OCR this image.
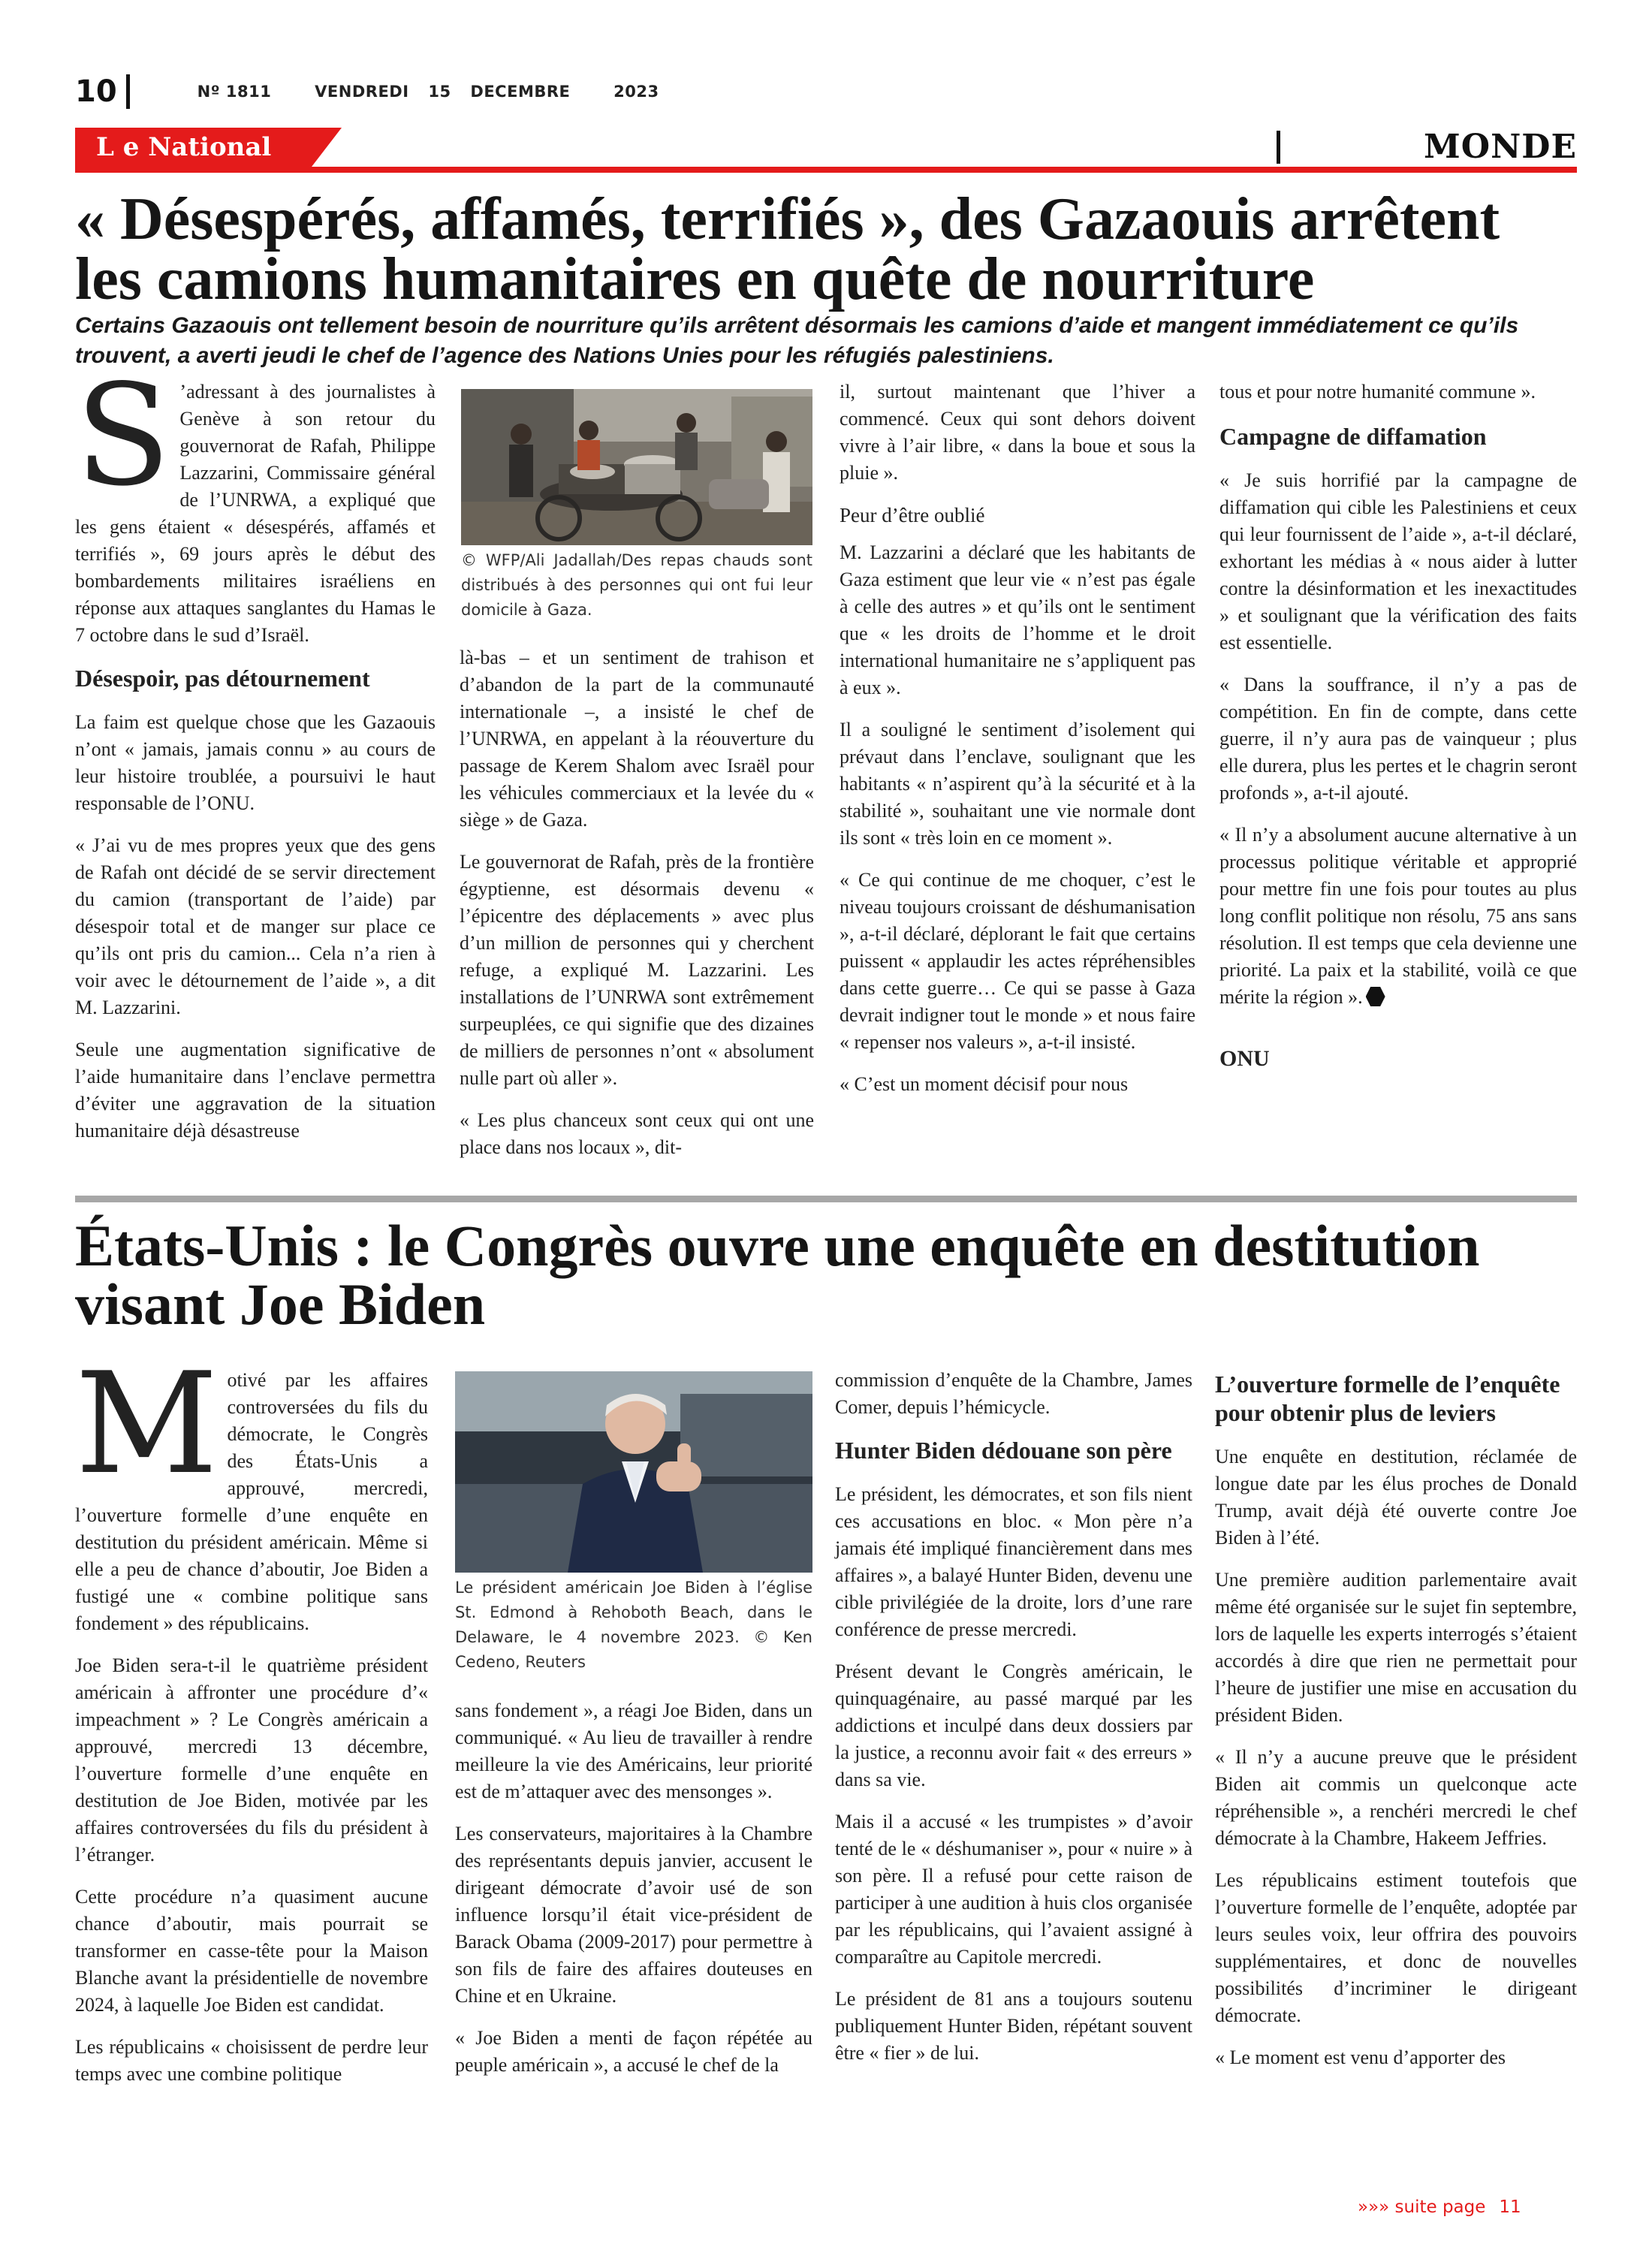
10	Nº 1811	VENDREDI 15 DECEMBRE	2023
L e National	MONDE
« Désespérés, affamés, terrifiés », des Gazaouis arrêtent les camions humanitaires en quête de nourriture

Certains Gazaouis ont tellement besoin de nourriture qu’ils arrêtent désormais les camions d’aide et mangent immédiatement ce qu’ils trouvent, a averti jeudi le chef de l’agence des Nations Unies pour les réfugiés palestiniens.

S ’adressant à des journalistes à Genève à son retour du gouvernorat de Rafah, Philippe Lazzarini, Commissaire général de l’UNRWA, a expliqué que les gens étaient « désespérés, affamés et terrifiés », 69 jours après le début des bombardements militaires israéliens en réponse aux attaques sanglantes du Hamas le 7 octobre dans le sud d’Israël.

Désespoir, pas détournement

La faim est quelque chose que les Gazaouis n’ont « jamais, jamais connu » au cours de leur histoire troublée, a poursuivi le haut responsable de l’ONU.

« J’ai vu de mes propres yeux que des gens de Rafah ont décidé de se servir directement du camion (transportant de l’aide) par désespoir total et de manger sur place ce qu’ils ont pris du camion... Cela n’a rien à voir avec le détournement de l’aide », a dit M. Lazzarini.

Seule une augmentation significative de l’aide humanitaire dans l’enclave permettra d’éviter une aggravation de la situation humanitaire déjà désastreuse

© WFP/Ali Jadallah/Des repas chauds sont distribués à des personnes qui ont fui leur domicile à Gaza.

là-bas – et un sentiment de trahison et d’abandon de la part de la communauté internationale –, a insisté le chef de l’UNRWA, en appelant à la réouverture du passage de Kerem Shalom avec Israël pour les véhicules commerciaux et la levée du « siège » de Gaza.

Le gouvernorat de Rafah, près de la frontière égyptienne, est désormais devenu « l’épicentre des déplacements » avec plus d’un million de personnes qui y cherchent refuge, a expliqué M. Lazzarini. Les installations de l’UNRWA sont extrêmement surpeuplées, ce qui signifie que des dizaines de milliers de personnes n’ont « absolument nulle part où aller ».

« Les plus chanceux sont ceux qui ont une place dans nos locaux », dit-

il, surtout maintenant que l’hiver a commencé. Ceux qui sont dehors doivent vivre à l’air libre, « dans la boue et sous la pluie ».

Peur d’être oublié

M. Lazzarini a déclaré que les habitants de Gaza estiment que leur vie « n’est pas égale à celle des autres » et qu’ils ont le sentiment que « les droits de l’homme et le droit international humanitaire ne s’appliquent pas à eux ».

Il a souligné le sentiment d’isolement qui prévaut dans l’enclave, soulignant que les habitants « n’aspirent qu’à la sécurité et à la stabilité », souhaitant une vie normale dont ils sont « très loin en ce moment ».

« Ce qui continue de me choquer, c’est le niveau toujours croissant de déshumanisation », a-t-il déclaré, déplorant le fait que certains puissent « applaudir les actes répréhensibles dans cette guerre… Ce qui se passe à Gaza devrait indigner tout le monde » et nous faire « repenser nos valeurs », a-t-il insisté.

« C’est un moment décisif pour nous

tous et pour notre humanité commune ».

Campagne de diffamation

« Je suis horrifié par la campagne de diffamation qui cible les Palestiniens et ceux qui leur fournissent de l’aide », a-t-il déclaré, exhortant les médias à « nous aider à lutter contre la désinformation et les inexactitudes » et soulignant que la vérification des faits est essentielle.

« Dans la souffrance, il n’y a pas de compétition. En fin de compte, dans cette guerre, il n’y aura pas de vainqueur ; plus elle durera, plus les pertes et le chagrin seront profonds », a-t-il ajouté.

« Il n’y a absolument aucune alternative à un processus politique véritable et approprié pour mettre fin une fois pour toutes au plus long conflit politique non résolu, 75 ans sans résolution. Il est temps que cela devienne une priorité. La paix et la stabilité, voilà ce que mérite la région ».

ONU

États-Unis : le Congrès ouvre une enquête en destitution visant Joe Biden

Motivé par les affaires controversées du fils du démocrate, le Congrès des États-Unis a approuvé, mercredi, l’ouverture formelle d’une enquête en destitution du président américain. Même si elle a peu de chance d’aboutir, Joe Biden a fustigé une « combine politique sans fondement » des républicains.

Joe Biden sera-t-il le quatrième président américain à affronter une procédure d’« impeachment » ? Le Congrès américain a approuvé, mercredi 13 décembre, l’ouverture formelle d’une enquête en destitution de Joe Biden, motivée par les affaires controversées du fils du président à l’étranger.

Cette procédure n’a quasiment aucune chance d’aboutir, mais pourrait se transformer en casse-tête pour la Maison Blanche avant la présidentielle de novembre 2024, à laquelle Joe Biden est candidat.

Les républicains « choisissent de perdre leur temps avec une combine politique

Le président américain Joe Biden à l’église St. Edmond à Rehoboth Beach, dans le Delaware, le 4 novembre 2023. © Ken Cedeno, Reuters

sans fondement », a réagi Joe Biden, dans un communiqué. « Au lieu de travailler à rendre meilleure la vie des Américains, leur priorité est de m’attaquer avec des mensonges ».

Les conservateurs, majoritaires à la Chambre des représentants depuis janvier, accusent le dirigeant démocrate d’avoir usé de son influence lorsqu’il était vice-président de Barack Obama (2009-2017) pour permettre à son fils de faire des affaires douteuses en Chine et en Ukraine.

« Joe Biden a menti de façon répétée au peuple américain », a accusé le chef de la

commission d’enquête de la Chambre, James Comer, depuis l’hémicycle.

Hunter Biden dédouane son père

Le président, les démocrates, et son fils nient ces accusations en bloc. « Mon père n’a jamais été impliqué financièrement dans mes affaires », a balayé Hunter Biden, devenu une cible privilégiée de la droite, lors d’une rare conférence de presse mercredi.

Présent devant le Congrès américain, le quinquagénaire, au passé marqué par les addictions et inculpé dans deux dossiers par la justice, a reconnu avoir fait « des erreurs » dans sa vie.

Mais il a accusé « les trumpistes » d’avoir tenté de le « déshumaniser », pour « nuire » à son père. Il a refusé pour cette raison de participer à une audition à huis clos organisée par les républicains, qui l’avaient assigné à comparaître au Capitole mercredi.

Le président de 81 ans a toujours soutenu publiquement Hunter Biden, répétant souvent être « fier » de lui.

L’ouverture formelle de l’enquête pour obtenir plus de leviers

Une enquête en destitution, réclamée de longue date par les élus proches de Donald Trump, avait déjà été ouverte contre Joe Biden à l’été.

Une première audition parlementaire avait même été organisée sur le sujet fin septembre, lors de laquelle les experts interrogés s’étaient accordés à dire que rien ne permettait pour l’heure de justifier une mise en accusation du président Biden.

« Il n’y a aucune preuve que le président Biden ait commis un quelconque acte répréhensible », a renchéri mercredi le chef démocrate à la Chambre, Hakeem Jeffries.

Les républicains estiment toutefois que l’ouverture formelle de l’enquête, adoptée par leurs seules voix, leur offrira des pouvoirs supplémentaires, et donc de nouvelles possibilités d’incriminer le dirigeant démocrate.

« Le moment est venu d’apporter des

»»» suite page 11
